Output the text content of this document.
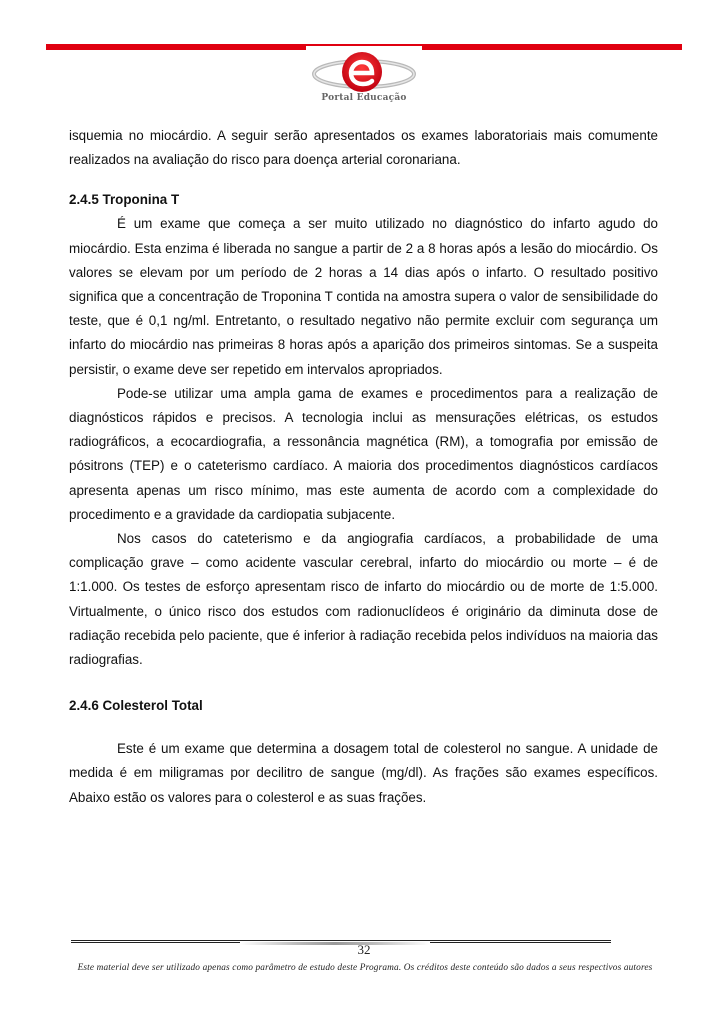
Portal Educação

isquemia no miocárdio. A seguir serão apresentados os exames laboratoriais mais comumente realizados na avaliação do risco para doença arterial coronariana.

2.4.5 Troponina T

É um exame que começa a ser muito utilizado no diagnóstico do infarto agudo do miocárdio. Esta enzima é liberada no sangue a partir de 2 a 8 horas após a lesão do miocárdio. Os valores se elevam por um período de 2 horas a 14 dias após o infarto. O resultado positivo significa que a concentração de Troponina T contida na amostra supera o valor de sensibilidade do teste, que é 0,1 ng/ml. Entretanto, o resultado negativo não permite excluir com segurança um infarto do miocárdio nas primeiras 8 horas após a aparição dos primeiros sintomas. Se a suspeita persistir, o exame deve ser repetido em intervalos apropriados.

Pode-se utilizar uma ampla gama de exames e procedimentos para a realização de diagnósticos rápidos e precisos. A tecnologia inclui as mensurações elétricas, os estudos radiográficos, a ecocardiografia, a ressonância magnética (RM), a tomografia por emissão de pósitrons (TEP) e o cateterismo cardíaco. A maioria dos procedimentos diagnósticos cardíacos apresenta apenas um risco mínimo, mas este aumenta de acordo com a complexidade do procedimento e a gravidade da cardiopatia subjacente.

Nos casos do cateterismo e da angiografia cardíacos, a probabilidade de uma complicação grave – como acidente vascular cerebral, infarto do miocárdio ou morte – é de 1:1.000. Os testes de esforço apresentam risco de infarto do miocárdio ou de morte de 1:5.000. Virtualmente, o único risco dos estudos com radionuclídeos é originário da diminuta dose de radiação recebida pelo paciente, que é inferior à radiação recebida pelos indivíduos na maioria das radiografias.

2.4.6 Colesterol Total

Este é um exame que determina a dosagem total de colesterol no sangue. A unidade de medida é em miligramas por decilitro de sangue (mg/dl). As frações são exames específicos. Abaixo estão os valores para o colesterol e as suas frações.

32
Este material deve ser utilizado apenas como parâmetro de estudo deste Programa. Os créditos deste conteúdo são dados a seus respectivos autores
